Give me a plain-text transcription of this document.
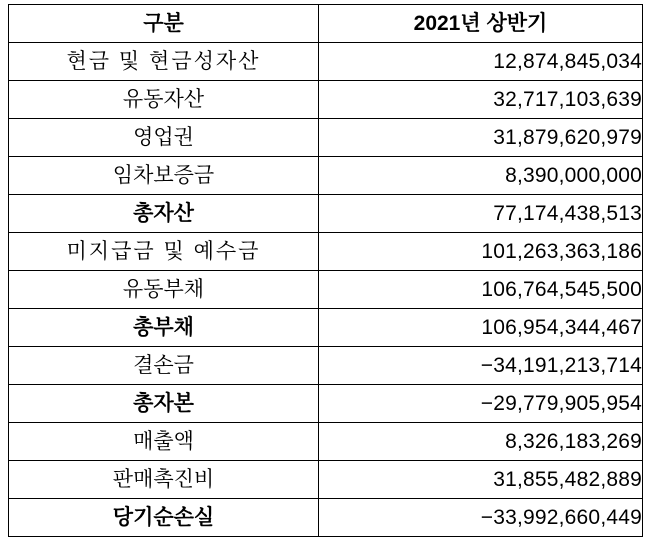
구분	2021년 상반기
현금 및 현금성자산	12,874,845,034
유동자산	32,717,103,639
영업권	31,879,620,979
임차보증금	8,390,000,000
총자산	77,174,438,513
미지급금 및 예수금	101,263,363,186
유동부채	106,764,545,500
총부채	106,954,344,467
결손금	−34,191,213,714
총자본	−29,779,905,954
매출액	8,326,183,269
판매촉진비	31,855,482,889
당기순손실	−33,992,660,449
